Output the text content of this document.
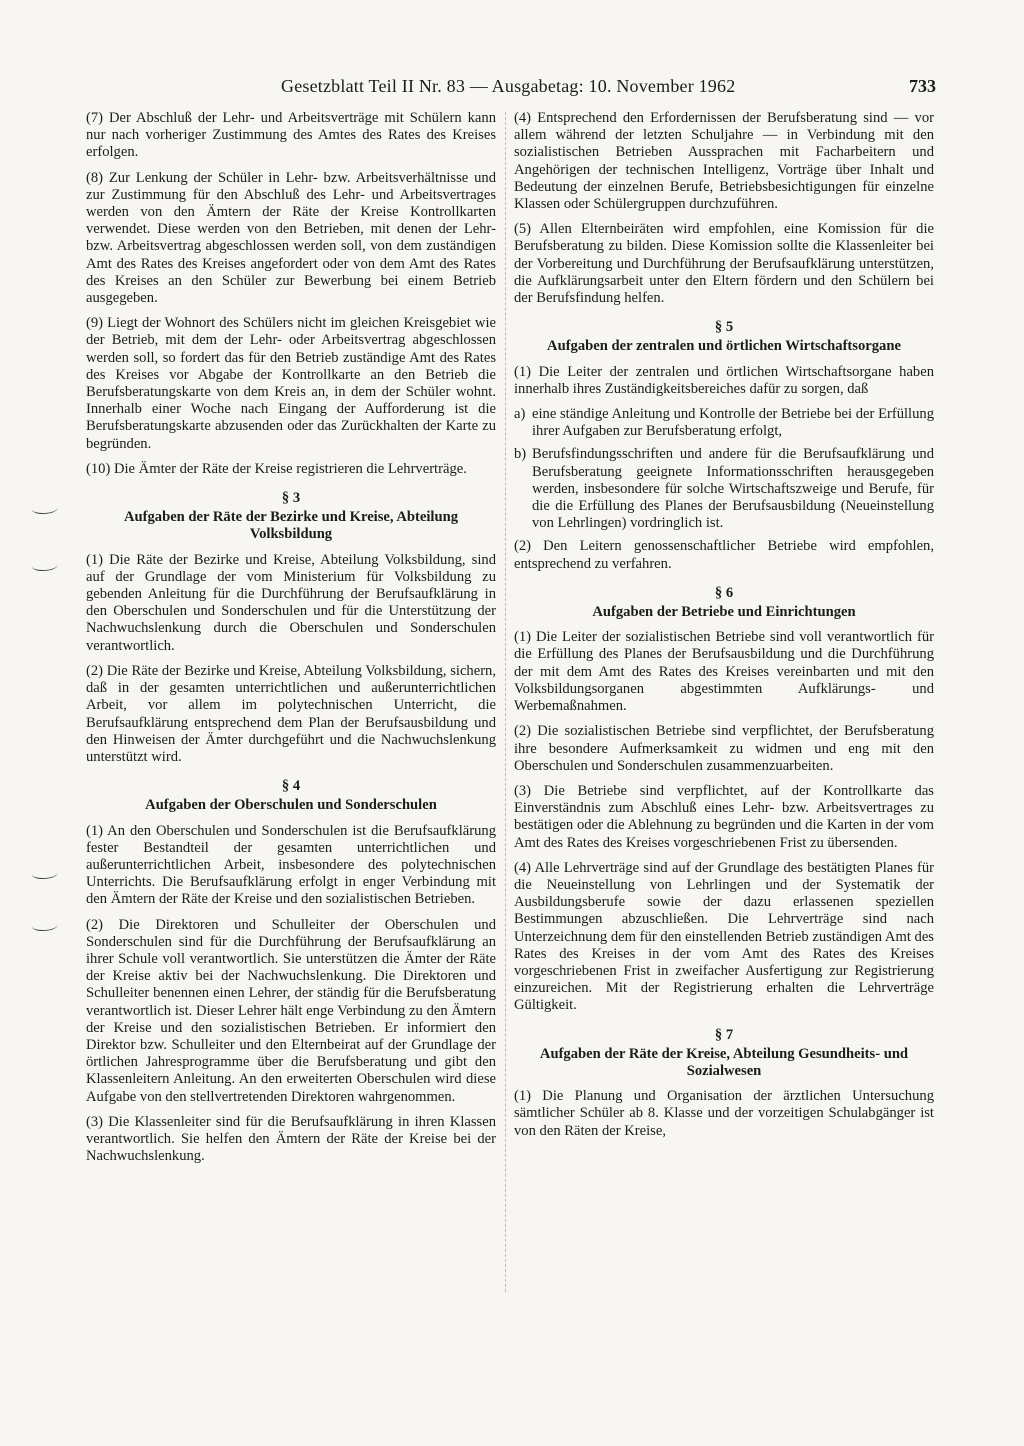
Gesetzblatt Teil II Nr. 83 — Ausgabetag: 10. November 1962	733

(7) Der Abschluß der Lehr- und Arbeitsverträge mit Schülern kann nur nach vorheriger Zustimmung des Amtes des Rates des Kreises erfolgen.

(8) Zur Lenkung der Schüler in Lehr- bzw. Arbeitsverhältnisse und zur Zustimmung für den Abschluß des Lehr- und Arbeitsvertrages werden von den Ämtern der Räte der Kreise Kontrollkarten verwendet. Diese werden von den Betrieben, mit denen der Lehr- bzw. Arbeitsvertrag abgeschlossen werden soll, von dem zuständigen Amt des Rates des Kreises angefordert oder von dem Amt des Rates des Kreises an den Schüler zur Bewerbung bei einem Betrieb ausgegeben.

(9) Liegt der Wohnort des Schülers nicht im gleichen Kreisgebiet wie der Betrieb, mit dem der Lehr- oder Arbeitsvertrag abgeschlossen werden soll, so fordert das für den Betrieb zuständige Amt des Rates des Kreises vor Abgabe der Kontrollkarte an den Betrieb die Berufsberatungskarte von dem Kreis an, in dem der Schüler wohnt. Innerhalb einer Woche nach Eingang der Aufforderung ist die Berufsberatungskarte abzusenden oder das Zurückhalten der Karte zu begründen.

(10) Die Ämter der Räte der Kreise registrieren die Lehrverträge.

§ 3
Aufgaben der Räte der Bezirke und Kreise, Abteilung Volksbildung

(1) Die Räte der Bezirke und Kreise, Abteilung Volksbildung, sind auf der Grundlage der vom Ministerium für Volksbildung zu gebenden Anleitung für die Durchführung der Berufsaufklärung in den Oberschulen und Sonderschulen und für die Unterstützung der Nachwuchslenkung durch die Oberschulen und Sonderschulen verantwortlich.

(2) Die Räte der Bezirke und Kreise, Abteilung Volksbildung, sichern, daß in der gesamten unterrichtlichen und außerunterrichtlichen Arbeit, vor allem im polytechnischen Unterricht, die Berufsaufklärung entsprechend dem Plan der Berufsausbildung und den Hinweisen der Ämter durchgeführt und die Nachwuchslenkung unterstützt wird.

§ 4
Aufgaben der Oberschulen und Sonderschulen

(1) An den Oberschulen und Sonderschulen ist die Berufsaufklärung fester Bestandteil der gesamten unterrichtlichen und außerunterrichtlichen Arbeit, insbesondere des polytechnischen Unterrichts. Die Berufsaufklärung erfolgt in enger Verbindung mit den Ämtern der Räte der Kreise und den sozialistischen Betrieben.

(2) Die Direktoren und Schulleiter der Oberschulen und Sonderschulen sind für die Durchführung der Berufsaufklärung an ihrer Schule voll verantwortlich. Sie unterstützen die Ämter der Räte der Kreise aktiv bei der Nachwuchslenkung. Die Direktoren und Schulleiter benennen einen Lehrer, der ständig für die Berufsberatung verantwortlich ist. Dieser Lehrer hält enge Verbindung zu den Ämtern der Kreise und den sozialistischen Betrieben. Er informiert den Direktor bzw. Schulleiter und den Elternbeirat auf der Grundlage der örtlichen Jahresprogramme über die Berufsberatung und gibt den Klassenleitern Anleitung. An den erweiterten Oberschulen wird diese Aufgabe von den stellvertretenden Direktoren wahrgenommen.

(3) Die Klassenleiter sind für die Berufsaufklärung in ihren Klassen verantwortlich. Sie helfen den Ämtern der Räte der Kreise bei der Nachwuchslenkung.

(4) Entsprechend den Erfordernissen der Berufsberatung sind — vor allem während der letzten Schuljahre — in Verbindung mit den sozialistischen Betrieben Aussprachen mit Facharbeitern und Angehörigen der technischen Intelligenz, Vorträge über Inhalt und Bedeutung der einzelnen Berufe, Betriebsbesichtigungen für einzelne Klassen oder Schülergruppen durchzuführen.

(5) Allen Elternbeiräten wird empfohlen, eine Komission für die Berufsberatung zu bilden. Diese Komission sollte die Klassenleiter bei der Vorbereitung und Durchführung der Berufsaufklärung unterstützen, die Aufklärungsarbeit unter den Eltern fördern und den Schülern bei der Berufsfindung helfen.

§ 5
Aufgaben der zentralen und örtlichen Wirtschaftsorgane

(1) Die Leiter der zentralen und örtlichen Wirtschaftsorgane haben innerhalb ihres Zuständigkeitsbereiches dafür zu sorgen, daß

a) eine ständige Anleitung und Kontrolle der Betriebe bei der Erfüllung ihrer Aufgaben zur Berufsberatung erfolgt,
b) Berufsfindungsschriften und andere für die Berufsaufklärung und Berufsberatung geeignete Informationsschriften herausgegeben werden, insbesondere für solche Wirtschaftszweige und Berufe, für die die Erfüllung des Planes der Berufsausbildung (Neueinstellung von Lehrlingen) vordringlich ist.

(2) Den Leitern genossenschaftlicher Betriebe wird empfohlen, entsprechend zu verfahren.

§ 6
Aufgaben der Betriebe und Einrichtungen

(1) Die Leiter der sozialistischen Betriebe sind voll verantwortlich für die Erfüllung des Planes der Berufsausbildung und die Durchführung der mit dem Amt des Rates des Kreises vereinbarten und mit den Volksbildungsorganen abgestimmten Aufklärungs- und Werbemaßnahmen.

(2) Die sozialistischen Betriebe sind verpflichtet, der Berufsberatung ihre besondere Aufmerksamkeit zu widmen und eng mit den Oberschulen und Sonderschulen zusammenzuarbeiten.

(3) Die Betriebe sind verpflichtet, auf der Kontrollkarte das Einverständnis zum Abschluß eines Lehr- bzw. Arbeitsvertrages zu bestätigen oder die Ablehnung zu begründen und die Karten in der vom Amt des Rates des Kreises vorgeschriebenen Frist zu übersenden.

(4) Alle Lehrverträge sind auf der Grundlage des bestätigten Planes für die Neueinstellung von Lehrlingen und der Systematik der Ausbildungsberufe sowie der dazu erlassenen speziellen Bestimmungen abzuschließen. Die Lehrverträge sind nach Unterzeichnung dem für den einstellenden Betrieb zuständigen Amt des Rates des Kreises in der vom Amt des Rates des Kreises vorgeschriebenen Frist in zweifacher Ausfertigung zur Registrierung einzureichen. Mit der Registrierung erhalten die Lehrverträge Gültigkeit.

§ 7
Aufgaben der Räte der Kreise, Abteilung Gesundheits- und Sozialwesen

(1) Die Planung und Organisation der ärztlichen Untersuchung sämtlicher Schüler ab 8. Klasse und der vorzeitigen Schulabgänger ist von den Räten der Kreise,
